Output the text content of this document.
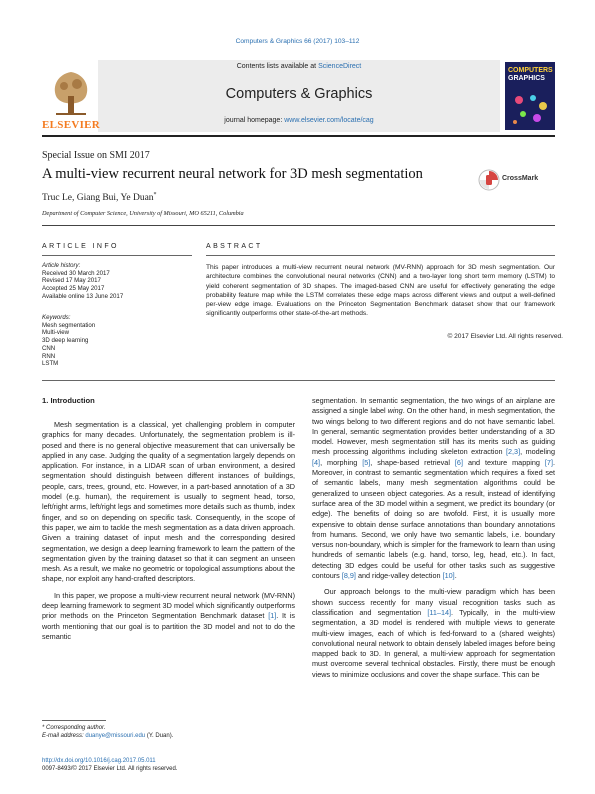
Computers & Graphics 66 (2017) 103–112
Contents lists available at ScienceDirect
Computers & Graphics
journal homepage: www.elsevier.com/locate/cag
ELSEVIER
COMPUTERS
GRAPHICS
Special Issue on SMI 2017
A multi-view recurrent neural network for 3D mesh segmentation
Truc Le, Giang Bui, Ye Duan*
Department of Computer Science, University of Missouri, MO 65211, Columbia
CrossMark
ARTICLE INFO	ABSTRACT
Article history:
Received 30 March 2017
Revised 17 May 2017
Accepted 25 May 2017
Available online 13 June 2017
Keywords:
Mesh segmentation
Multi-view
3D deep learning
CNN
RNN
LSTM
This paper introduces a multi-view recurrent neural network (MV-RNN) approach for 3D mesh segmentation. Our architecture combines the convolutional neural networks (CNN) and a two-layer long short term memory (LSTM) to yield coherent segmentation of 3D shapes. The imaged-based CNN are useful for effectively generating the edge probability feature map while the LSTM correlates these edge maps across different views and output a well-defined per-view edge image. Evaluations on the Princeton Segmentation Benchmark dataset show that our framework significantly outperforms other state-of-the-art methods.
© 2017 Elsevier Ltd. All rights reserved.
1. Introduction

Mesh segmentation is a classical, yet challenging problem in computer graphics for many decades. Unfortunately, the segmentation problem is ill-posed and there is no general objective measurement that can universally be applied in any case. Judging the quality of a segmentation largely depends on application. For instance, in a LIDAR scan of urban environment, a desired segmentation should distinguish between different instances of buildings, people, cars, trees, ground, etc. However, in a part-based annotation of a 3D model (e.g. human), the requirement is usually to segment head, torso, left/right arms, left/right legs and sometimes more details such as thumb, index finger, and so on depending on specific task. Consequently, in the scope of this paper, we aim to tackle the mesh segmentation as a data driven approach. Given a training dataset of input mesh and the corresponding desired segmentation, we design a deep learning framework to learn the pattern of the segmentation given by the training dataset so that it can segment an unseen mesh. As a result, we make no geometric or topological assumptions about the shape, nor exploit any hand-crafted descriptors.

In this paper, we propose a multi-view recurrent neural network (MV-RNN) deep learning framework to segment 3D model which significantly outperforms prior methods on the Princeton Segmentation Benchmark dataset [1]. It is worth mentioning that our goal is to partition the 3D model and not to do the semantic

segmentation. In semantic segmentation, the two wings of an airplane are assigned a single label wing. On the other hand, in mesh segmentation, the two wings belong to two different regions and do not have semantic label. In general, semantic segmentation provides better understanding of a 3D model. However, mesh segmentation still has its merits such as guiding mesh processing algorithms including skeleton extraction [2,3], modeling [4], morphing [5], shape-based retrieval [6] and texture mapping [7]. Moreover, in contrast to semantic segmentation which requires a fixed set of semantic labels, many mesh segmentation algorithms could be generalized to unseen object categories. As a result, instead of identifying surface area of the 3D model within a segment, we predict its boundary (or edge). The benefits of doing so are twofold. First, it is usually more expensive to obtain dense surface annotations than boundary annotations from humans. Second, we only have two semantic labels, i.e. boundary versus non-boundary, which is simpler for the framework to learn than using hundreds of semantic labels (e.g. hand, torso, leg, head, etc.). In fact, detecting 3D edges could be useful for other tasks such as suggestive contours [8,9] and ridge-valley detection [10].

Our approach belongs to the multi-view paradigm which has been shown success recently for many visual recognition tasks such as classification and segmentation [11–14]. Typically, in the multi-view segmentation, a 3D model is rendered with multiple views to generate multi-view images, each of which is fed-forward to a (shared weights) convolutional neural network to obtain densely labeled images before being mapped back to 3D. In general, a multi-view approach for segmentation must overcome several technical obstacles. Firstly, there must be enough views to minimize occlusions and cover the shape surface. This can be

* Corresponding author.
E-mail address: duanye@missouri.edu (Y. Duan).
http://dx.doi.org/10.1016/j.cag.2017.05.011
0097-8493/© 2017 Elsevier Ltd. All rights reserved.
